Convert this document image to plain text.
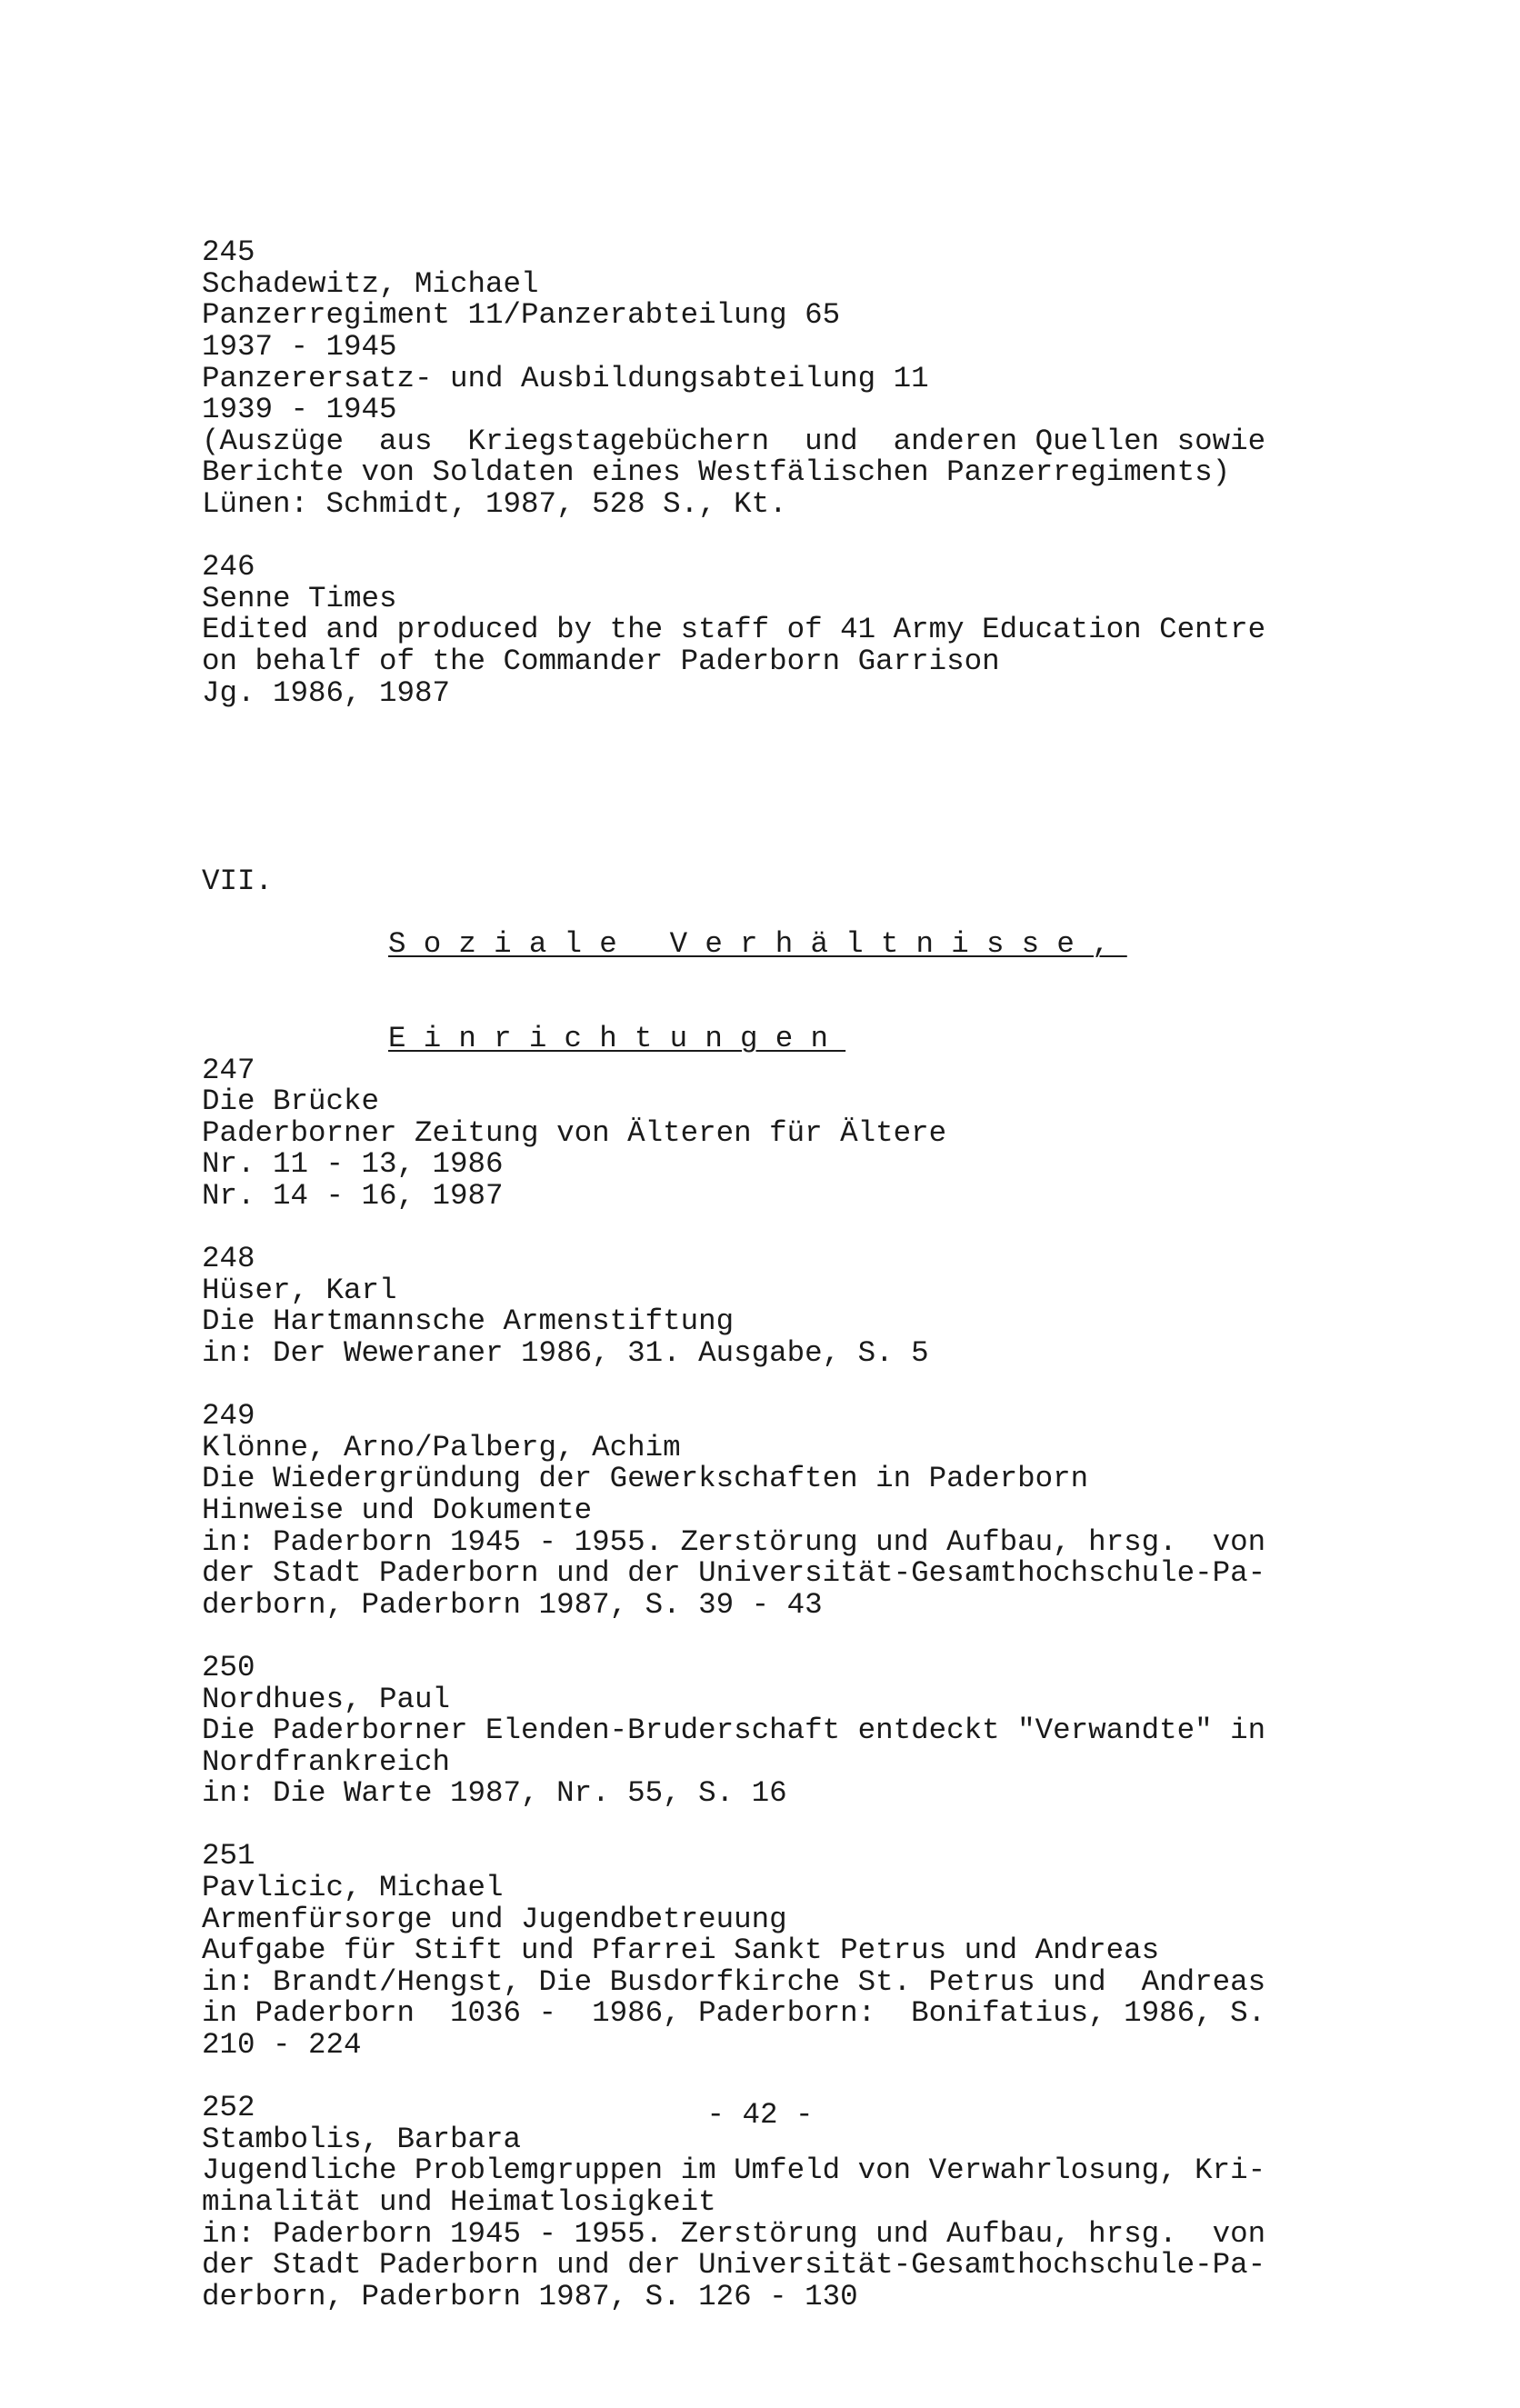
245
Schadewitz, Michael
Panzerregiment 11/Panzerabteilung 65
1937 - 1945
Panzerersatz- und Ausbildungsabteilung 11
1939 - 1945
(Auszüge  aus  Kriegstagebüchern  und  anderen Quellen sowie
Berichte von Soldaten eines Westfälischen Panzerregiments)
Lünen: Schmidt, 1987, 528 S., Kt.
246
Senne Times
Edited and produced by the staff of 41 Army Education Centre
on behalf of the Commander Paderborn Garrison
Jg. 1986, 1987

VII.

Soziale Verhältnisse,

Einrichtungen

247
Die Brücke
Paderborner Zeitung von Älteren für Ältere
Nr. 11 - 13, 1986
Nr. 14 - 16, 1987
248
Hüser, Karl
Die Hartmannsche Armenstiftung
in: Der Weweraner 1986, 31. Ausgabe, S. 5
249
Klönne, Arno/Palberg, Achim
Die Wiedergründung der Gewerkschaften in Paderborn
Hinweise und Dokumente
in: Paderborn 1945 - 1955. Zerstörung und Aufbau, hrsg.  von
der Stadt Paderborn und der Universität-Gesamthochschule-Pa-
derborn, Paderborn 1987, S. 39 - 43
250
Nordhues, Paul
Die Paderborner Elenden-Bruderschaft entdeckt "Verwandte" in
Nordfrankreich
in: Die Warte 1987, Nr. 55, S. 16
251
Pavlicic, Michael
Armenfürsorge und Jugendbetreuung
Aufgabe für Stift und Pfarrei Sankt Petrus und Andreas
in: Brandt/Hengst, Die Busdorfkirche St. Petrus und  Andreas
in Paderborn  1036 -  1986, Paderborn:  Bonifatius, 1986, S.
210 - 224
252
Stambolis, Barbara
Jugendliche Problemgruppen im Umfeld von Verwahrlosung, Kri-
minalität und Heimatlosigkeit
in: Paderborn 1945 - 1955. Zerstörung und Aufbau, hrsg.  von
der Stadt Paderborn und der Universität-Gesamthochschule-Pa-
derborn, Paderborn 1987, S. 126 - 130

- 42 -
